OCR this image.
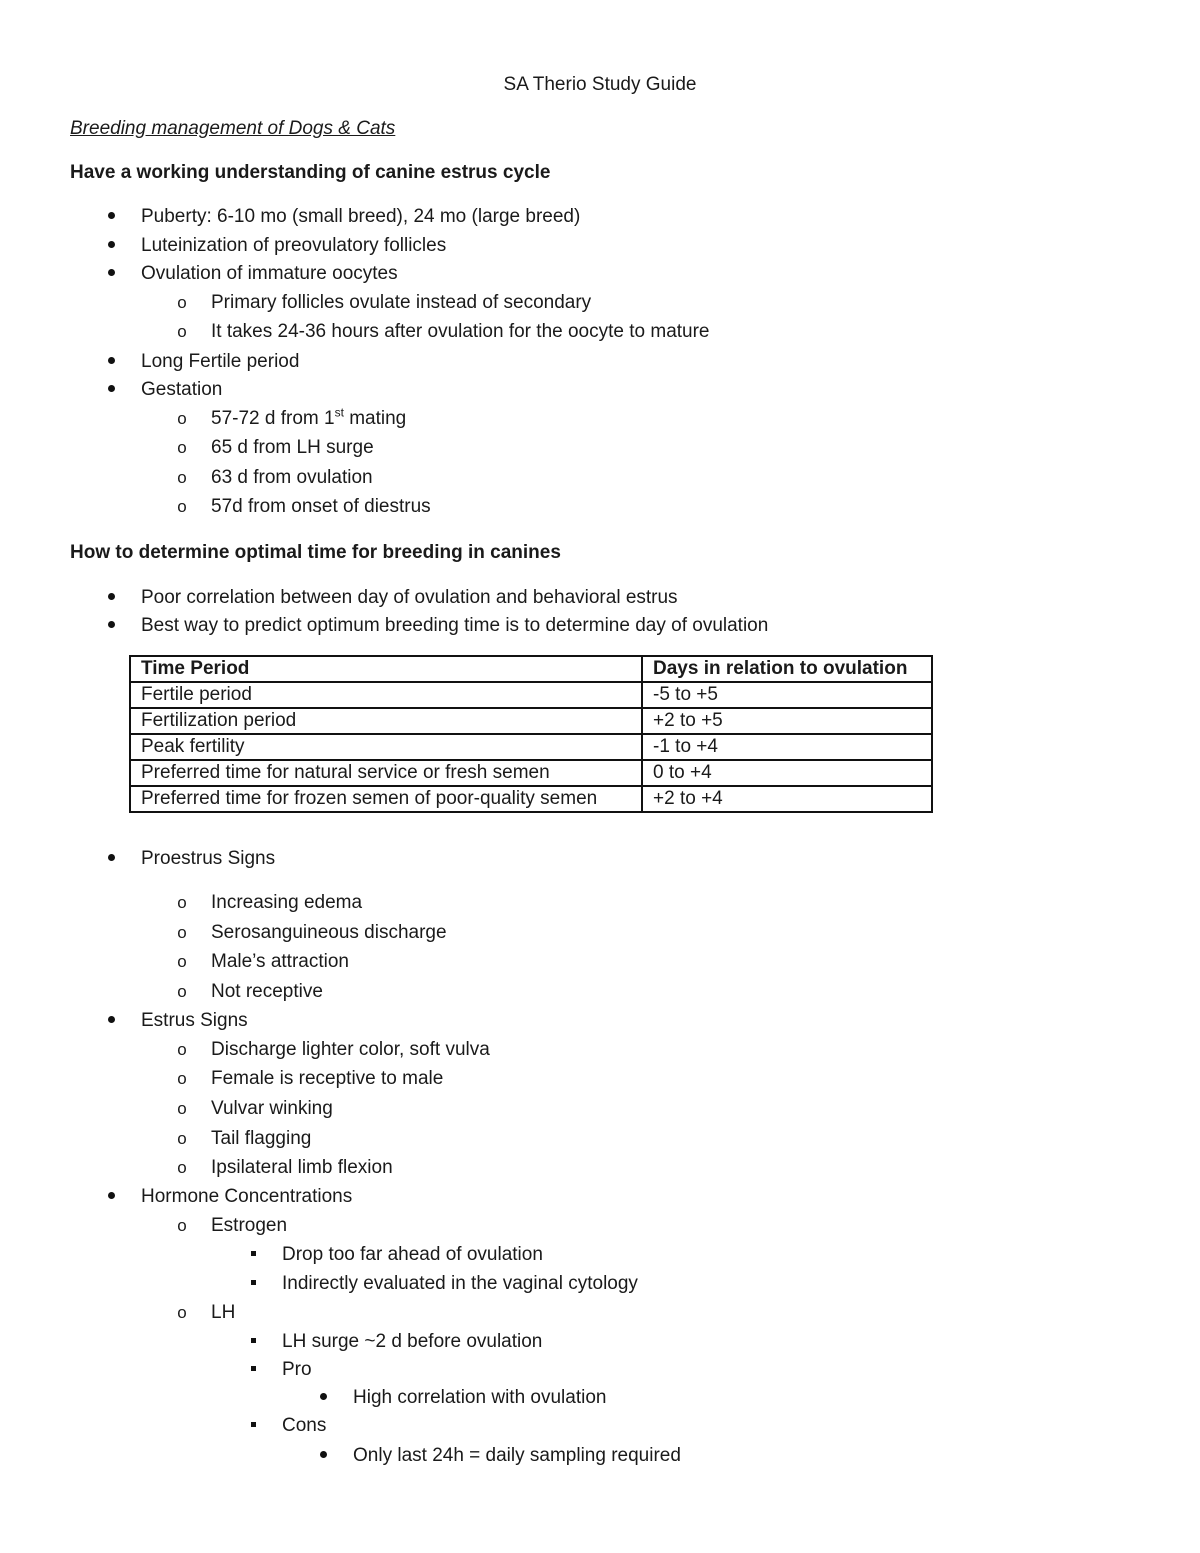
SA Therio Study Guide
Breeding management of Dogs & Cats
Have a working understanding of canine estrus cycle
Puberty: 6-10 mo (small breed), 24 mo (large breed)
Luteinization of preovulatory follicles
Ovulation of immature oocytes
o Primary follicles ovulate instead of secondary
o It takes 24-36 hours after ovulation for the oocyte to mature
Long Fertile period
Gestation
o 57-72 d from 1st mating
o 65 d from LH surge
o 63 d from ovulation
o 57d from onset of diestrus
How to determine optimal time for breeding in canines
Poor correlation between day of ovulation and behavioral estrus
Best way to predict optimum breeding time is to determine day of ovulation
Time Period	Days in relation to ovulation
Fertile period	-5 to +5
Fertilization period	+2 to +5
Peak fertility	-1 to +4
Preferred time for natural service or fresh semen	0 to +4
Preferred time for frozen semen of poor-quality semen	+2 to +4
Proestrus Signs
o Increasing edema
o Serosanguineous discharge
o Male’s attraction
o Not receptive
Estrus Signs
o Discharge lighter color, soft vulva
o Female is receptive to male
o Vulvar winking
o Tail flagging
o Ipsilateral limb flexion
Hormone Concentrations
o Estrogen
Drop too far ahead of ovulation
Indirectly evaluated in the vaginal cytology
o LH
LH surge ~2 d before ovulation
Pro
High correlation with ovulation
Cons
Only last 24h = daily sampling required
